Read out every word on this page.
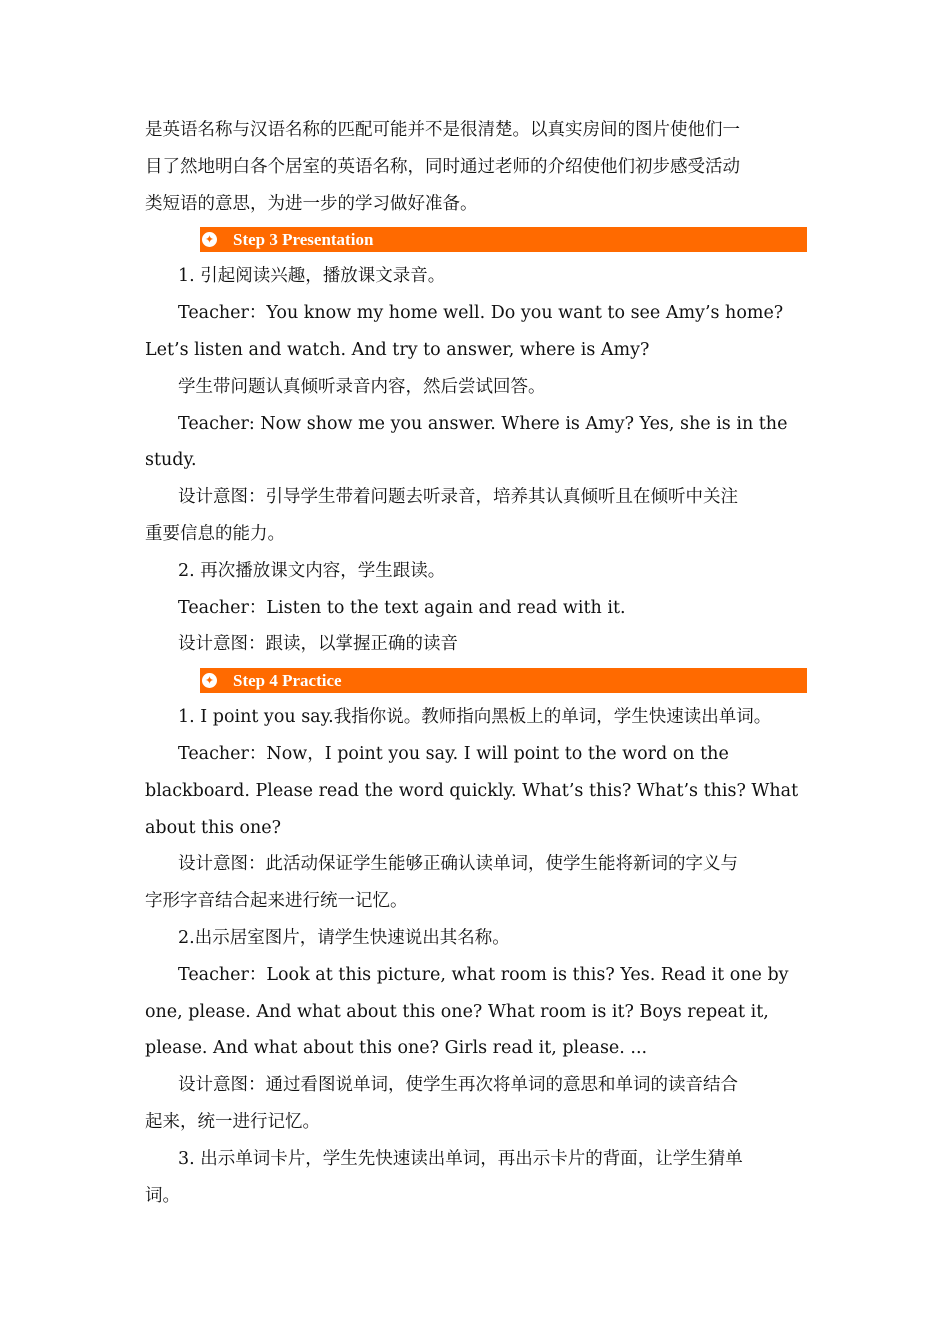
是英语名称与汉语名称的匹配可能并不是很清楚。以真实房间的图片使他们一
目了然地明白各个居室的英语名称，同时通过老师的介绍使他们初步感受活动
类短语的意思，为进一步的学习做好准备。
✦ Step 3 Presentation
1. 引起阅读兴趣，播放课文录音。
Teacher：You know my home well. Do you want to see Amy’s home?
Let’s listen and watch. And try to answer, where is Amy?
学生带问题认真倾听录音内容，然后尝试回答。
Teacher: Now show me you answer. Where is Amy? Yes, she is in the
study.
设计意图：引导学生带着问题去听录音，培养其认真倾听且在倾听中关注
重要信息的能力。
2. 再次播放课文内容，学生跟读。
Teacher：Listen to the text again and read with it.
设计意图：跟读，以掌握正确的读音
✦ Step 4 Practice
1. I point you say.我指你说。教师指向黑板上的单词，学生快速读出单词。
Teacher：Now，I point you say. I will point to the word on the
blackboard. Please read the word quickly. What’s this? What’s this? What
about this one?
设计意图：此活动保证学生能够正确认读单词，使学生能将新词的字义与
字形字音结合起来进行统一记忆。
2.出示居室图片，请学生快速说出其名称。
Teacher：Look at this picture, what room is this? Yes. Read it one by
one, please. And what about this one? What room is it? Boys repeat it,
please. And what about this one? Girls read it, please. ...
设计意图：通过看图说单词，使学生再次将单词的意思和单词的读音结合
起来，统一进行记忆。
3. 出示单词卡片，学生先快速读出单词，再出示卡片的背面，让学生猜单
词。
